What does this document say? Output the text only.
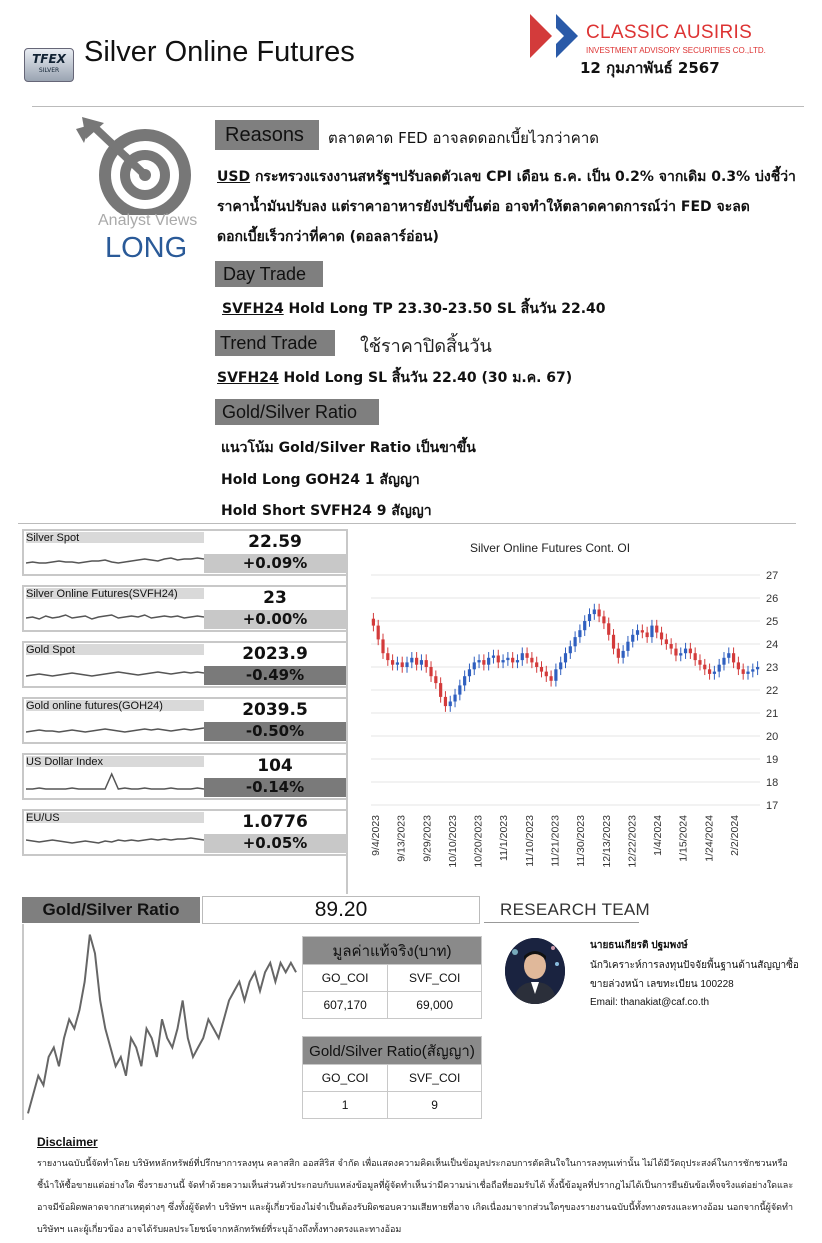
TFEX
SILVER
Silver Online Futures
CLASSIC AUSIRIS
INVESTMENT ADVISORY SECURITIES CO.,LTD.
12 กุมภาพันธ์ 2567
Analyst Views
LONG
Reasons	ตลาดคาด FED อาจลดดอกเบี้ยไวกว่าคาด
USD กระทรวงแรงงานสหรัฐฯปรับลดตัวเลข CPI เดือน ธ.ค. เป็น 0.2% จากเดิม 0.3% บ่งชี้ว่าราคาน้ำมันปรับลง แต่ราคาอาหารยังปรับขึ้นต่อ อาจทำให้ตลาดคาดการณ์ว่า FED จะลดดอกเบี้ยเร็วกว่าที่คาด (ดอลลาร์อ่อน)
Day Trade
SVFH24 Hold Long TP 23.30-23.50 SL สิ้นวัน 22.40
Trend Trade	ใช้ราคาปิดสิ้นวัน
SVFH24 Hold Long SL สิ้นวัน 22.40 (30 ม.ค. 67)
Gold/Silver Ratio
แนวโน้ม Gold/Silver Ratio เป็นขาขึ้น
Hold Long GOH24 1 สัญญา
Hold Short SVFH24 9 สัญญา
Silver Spot	22.59
+0.09%
Silver Online Futures(SVFH24)	23
+0.00%
Gold Spot	2023.9
-0.49%
Gold online futures(GOH24)	2039.5
-0.50%
US Dollar Index	104
-0.14%
EU/US	1.0776
+0.05%
Silver Online Futures Cont. OI
17
18
19
20
21
22
23
24
25
26
27
9/4/2023 9/13/2023 9/29/2023 10/10/2023 10/20/2023 11/1/2023 11/10/2023 11/21/2023 11/30/2023 12/13/2023 12/22/2023 1/4/2024 1/15/2024 1/24/2024 2/2/2024
Gold/Silver Ratio	89.20
มูลค่าแท้จริง(บาท)	
GO_COI	SVF_COI
607,170	69,000
Gold/Silver Ratio(สัญญา)	
GO_COI	SVF_COI
1	9
RESEARCH TEAM
นายธนเกียรติ ปฐมพงษ์
นักวิเคราะห์การลงทุนปัจจัยพื้นฐานด้านสัญญาซื้อ
ขายล่วงหน้า เลขทะเบียน 100228
Email: thanakiat@caf.co.th
Disclaimer
รายงานฉบับนี้จัดทำโดย บริษัทหลักทรัพย์ที่ปรึกษาการลงทุน คลาสสิก ออสสิริส จำกัด เพื่อแสดงความคิดเห็นเป็นข้อมูลประกอบการตัดสินใจในการลงทุนเท่านั้น ไม่ได้มีวัตถุประสงค์ในการชักชวนหรือชี้นำให้ซื้อขายแต่อย่างใด ซึ่งรายงานนี้ จัดทำด้วยความเห็นส่วนตัวประกอบกับแหล่งข้อมูลที่ผู้จัดทำเห็นว่ามีความน่าเชื่อถือที่ยอมรับได้ ทั้งนี้ข้อมูลที่ปรากฎไม่ได้เป็นการยืนยันข้อเท็จจริงแต่อย่างใดและอาจมีข้อผิดพลาดจากสาเหตุต่างๆ ซึ่งทั้งผู้จัดทำ บริษัทฯ และผู้เกี่ยวข้องไม่จำเป็นต้องรับผิดชอบความเสียหายที่อาจ เกิดเนื่องมาจากส่วนใดๆของรายงานฉบับนี้ทั้งทางตรงและทางอ้อม นอกจากนี้ผู้จัดทำ บริษัทฯ และผู้เกี่ยวข้อง อาจได้รับผลประโยชน์จากหลักทรัพย์ที่ระบุอ้างถึงทั้งทางตรงและทางอ้อม
